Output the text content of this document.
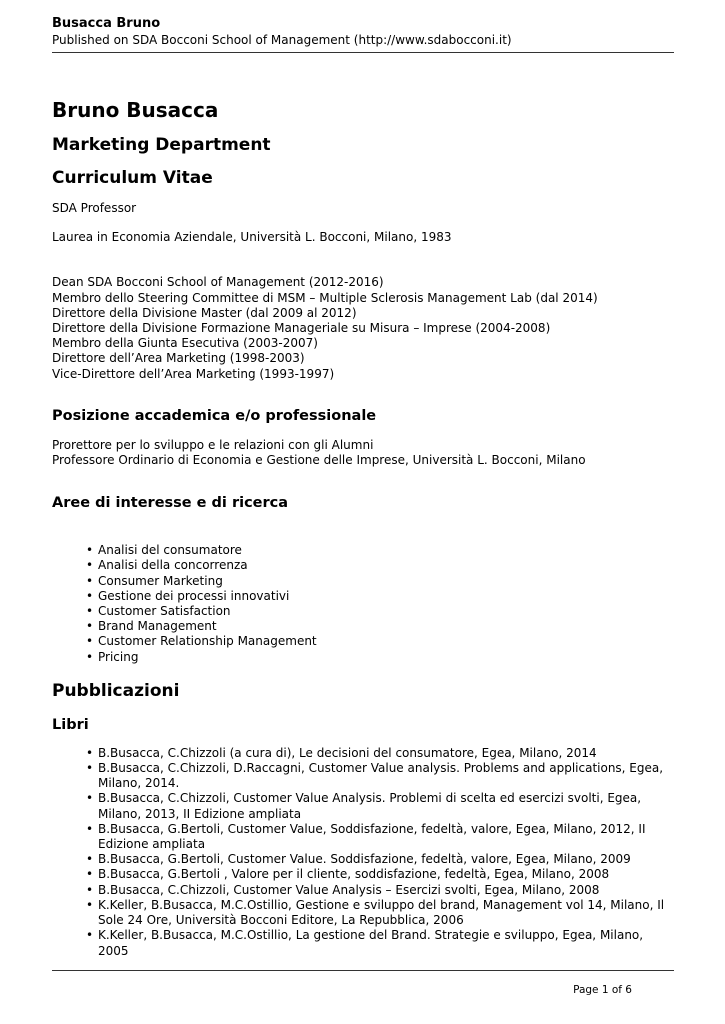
Busacca Bruno
Published on SDA Bocconi School of Management (http://www.sdabocconi.it)
Bruno Busacca
Marketing Department
Curriculum Vitae

SDA Professor

Laurea in Economia Aziendale, Università L. Bocconi, Milano, 1983

Dean SDA Bocconi School of Management (2012-2016)

Membro dello Steering Committee di MSM – Multiple Sclerosis Management Lab (dal 2014)

Direttore della Divisione Master (dal 2009 al 2012)

Direttore della Divisione Formazione Manageriale su Misura – Imprese (2004-2008)

Membro della Giunta Esecutiva (2003-2007)

Direttore dell’Area Marketing (1998-2003)

Vice-Direttore dell’Area Marketing (1993-1997)

Posizione accademica e/o professionale

Prorettore per lo sviluppo e le relazioni con gli Alumni

Professore Ordinario di Economia e Gestione delle Imprese, Università L. Bocconi, Milano

Aree di interesse e di ricerca
• Analisi del consumatore
• Analisi della concorrenza
• Consumer Marketing
• Gestione dei processi innovativi
• Customer Satisfaction
• Brand Management
• Customer Relationship Management
• Pricing
Pubblicazioni
Libri
• B.Busacca, C.Chizzoli (a cura di), Le decisioni del consumatore, Egea, Milano, 2014
• B.Busacca, C.Chizzoli, D.Raccagni, Customer Value analysis. Problems and applications, Egea, Milano, 2014.
• B.Busacca, C.Chizzoli, Customer Value Analysis. Problemi di scelta ed esercizi svolti, Egea, Milano, 2013, II Edizione ampliata
• B.Busacca, G.Bertoli, Customer Value, Soddisfazione, fedeltà, valore, Egea, Milano, 2012, II Edizione ampliata
• B.Busacca, G.Bertoli, Customer Value. Soddisfazione, fedeltà, valore, Egea, Milano, 2009
• B.Busacca, G.Bertoli , Valore per il cliente, soddisfazione, fedeltà, Egea, Milano, 2008
• B.Busacca, C.Chizzoli, Customer Value Analysis – Esercizi svolti, Egea, Milano, 2008
• K.Keller, B.Busacca, M.C.Ostillio, Gestione e sviluppo del brand, Management vol 14, Milano, Il Sole 24 Ore, Università Bocconi Editore, La Repubblica, 2006
• K.Keller, B.Busacca, M.C.Ostillio, La gestione del Brand. Strategie e sviluppo, Egea, Milano, 2005
Page 1 of 6
